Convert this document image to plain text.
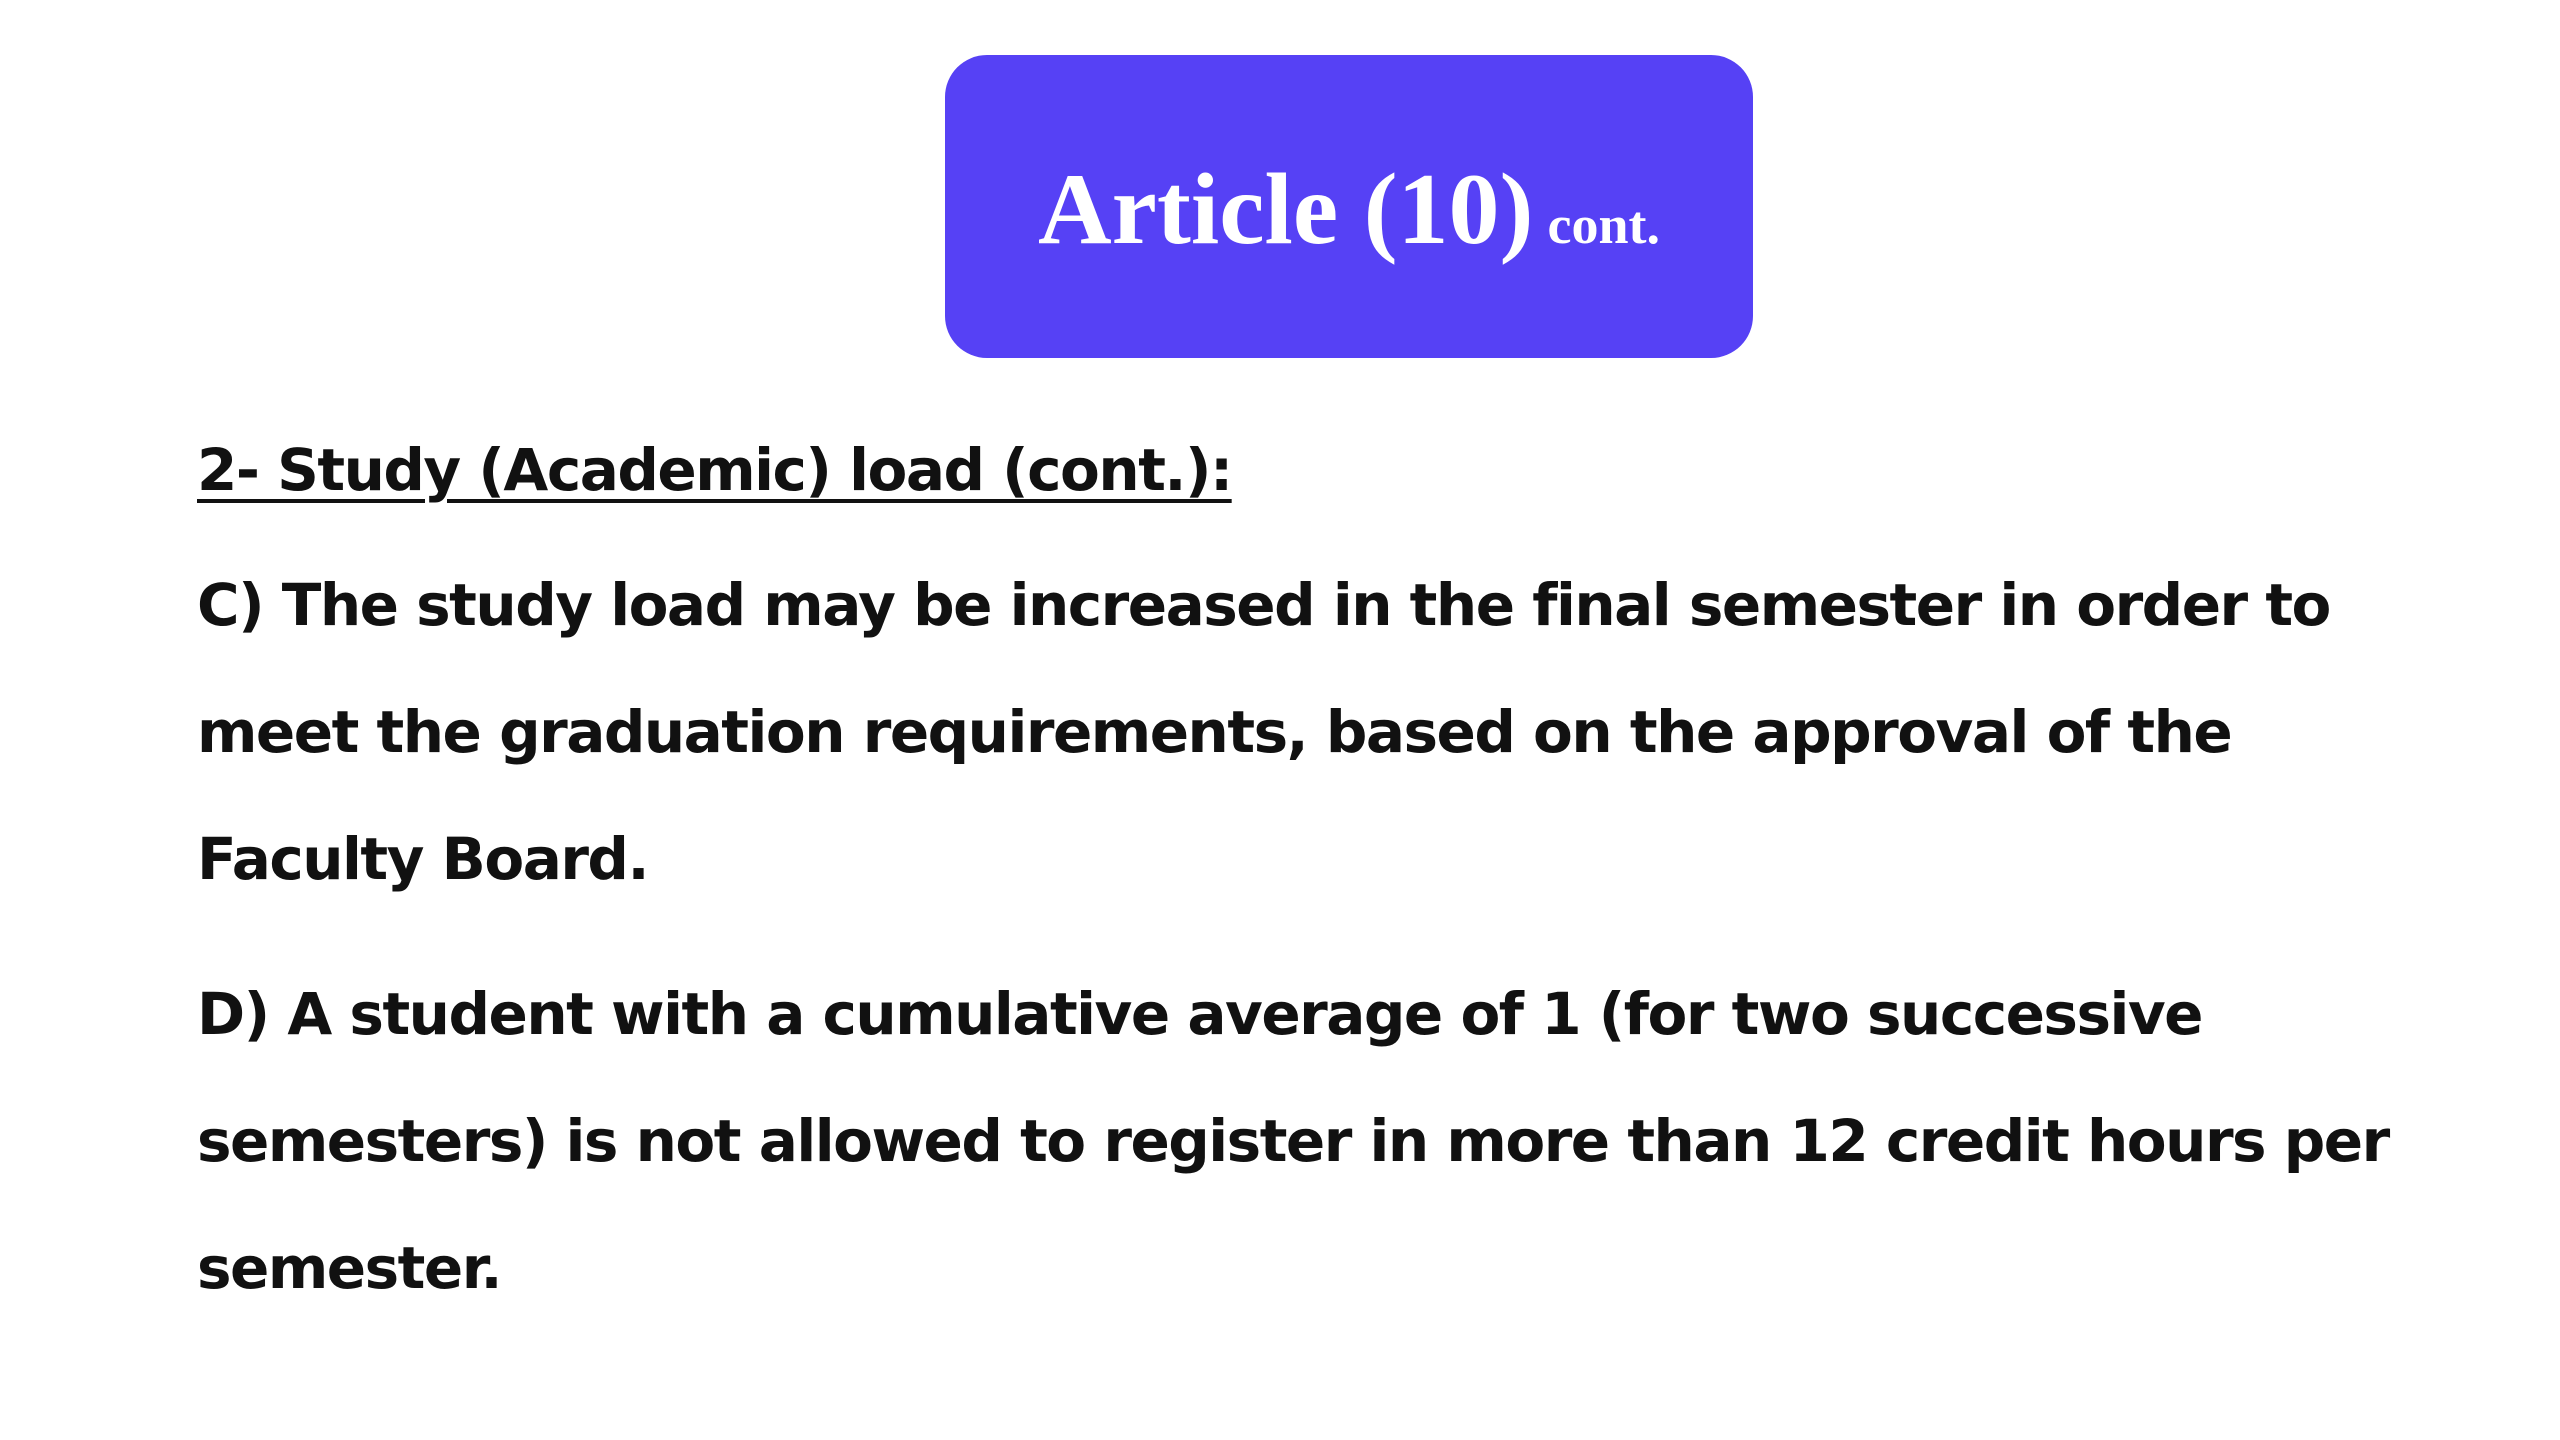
Article (10) cont.

2- Study (Academic) load (cont.):

C) The study load may be increased in the final semester in order to
meet the graduation requirements, based on the approval of the
Faculty Board.

D) A student with a cumulative average of 1 (for two successive
semesters) is not allowed to register in more than 12 credit hours per
semester.
